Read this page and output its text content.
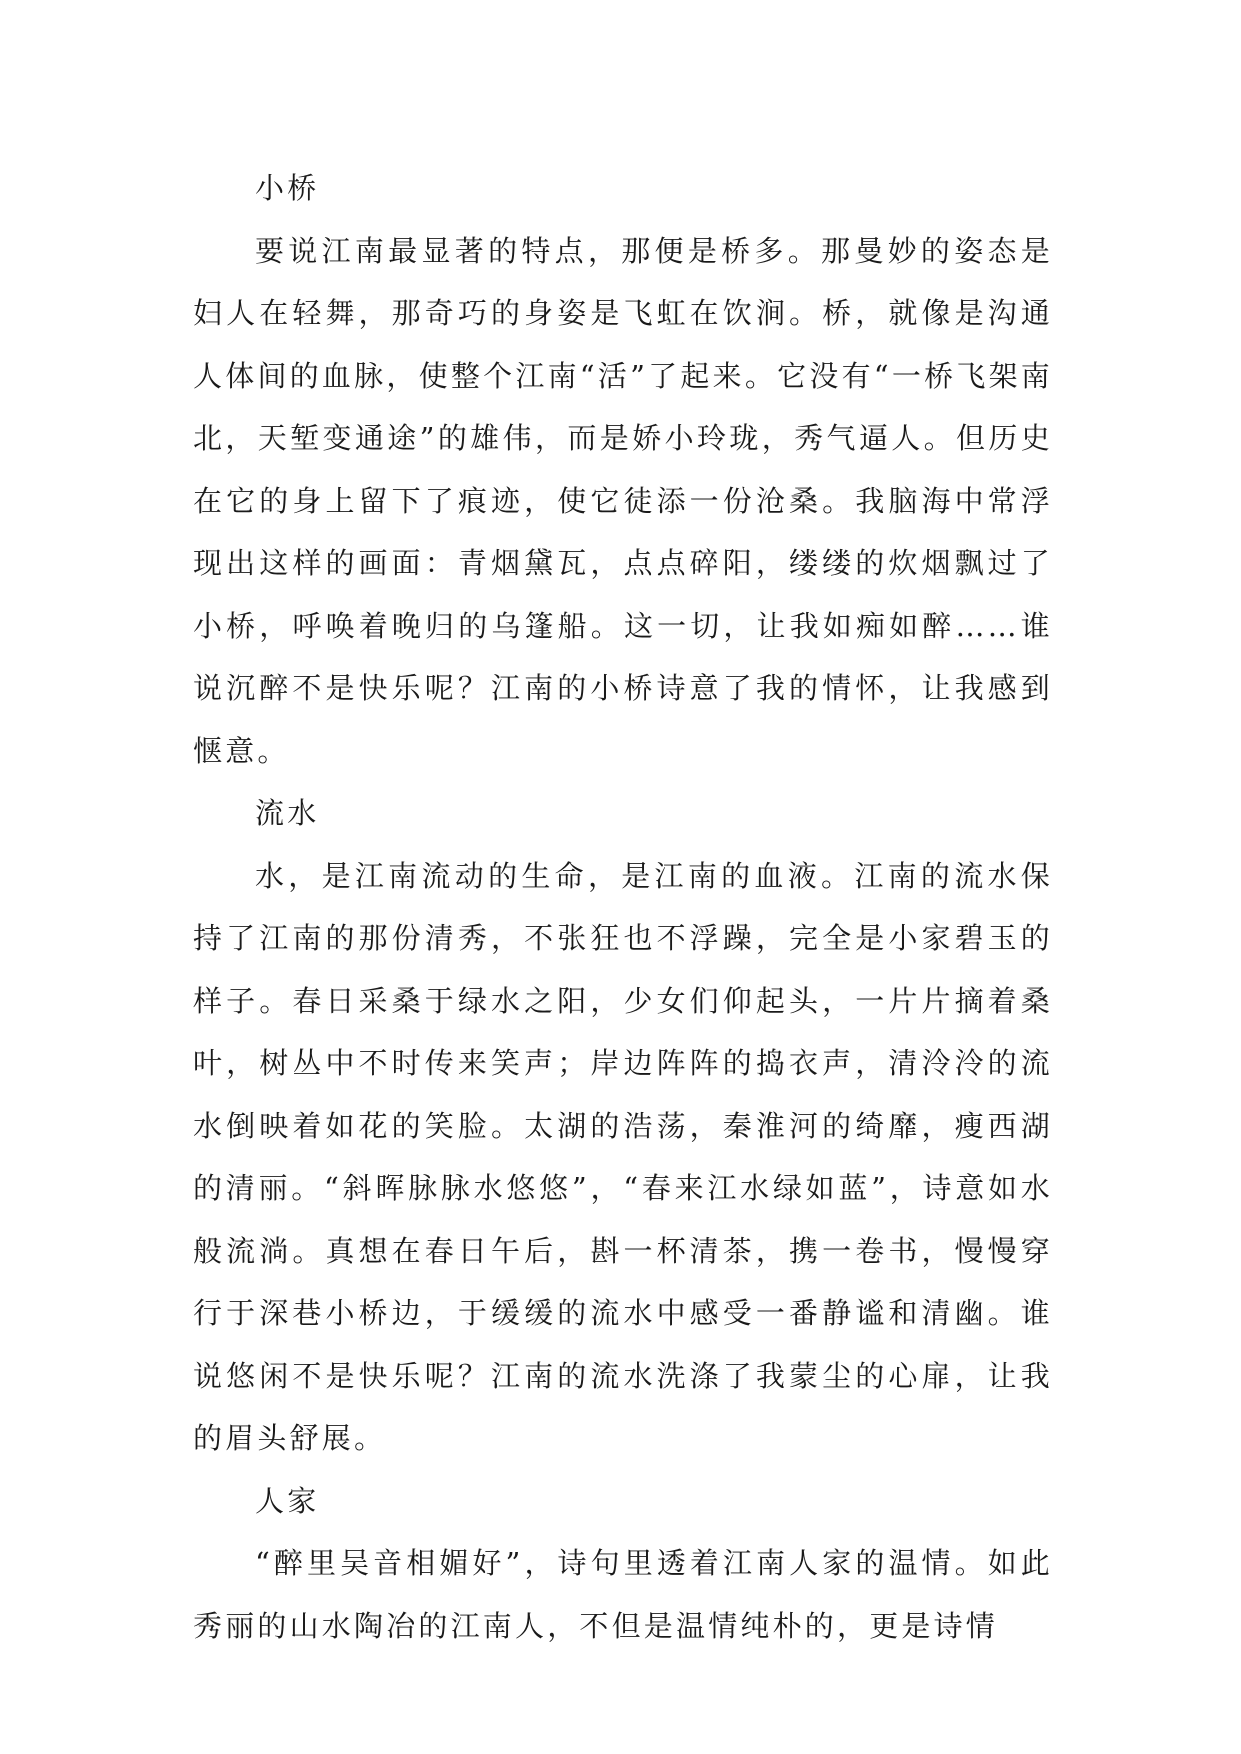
小桥
要说江南最显著的特点，那便是桥多。那曼妙的姿态是妇人在轻舞，那奇巧的身姿是飞虹在饮涧。桥，就像是沟通人体间的血脉，使整个江南“活”了起来。它没有“一桥飞架南北，天堑变通途”的雄伟，而是娇小玲珑，秀气逼人。但历史在它的身上留下了痕迹，使它徒添一份沧桑。我脑海中常浮现出这样的画面：青烟黛瓦，点点碎阳，缕缕的炊烟飘过了小桥，呼唤着晚归的乌篷船。这一切，让我如痴如醉……谁说沉醉不是快乐呢？江南的小桥诗意了我的情怀，让我感到惬意。
流水
水，是江南流动的生命，是江南的血液。江南的流水保持了江南的那份清秀，不张狂也不浮躁，完全是小家碧玉的样子。春日采桑于绿水之阳，少女们仰起头，一片片摘着桑叶，树丛中不时传来笑声；岸边阵阵的捣衣声，清泠泠的流水倒映着如花的笑脸。太湖的浩荡，秦淮河的绮靡，瘦西湖的清丽。“斜晖脉脉水悠悠”，“春来江水绿如蓝”，诗意如水般流淌。真想在春日午后，斟一杯清茶，携一卷书，慢慢穿行于深巷小桥边，于缓缓的流水中感受一番静谧和清幽。谁说悠闲不是快乐呢？江南的流水洗涤了我蒙尘的心扉，让我的眉头舒展。
人家
“醉里吴音相媚好”，诗句里透着江南人家的温情。如此秀丽的山水陶冶的江南人，不但是温情纯朴的，更是诗情
